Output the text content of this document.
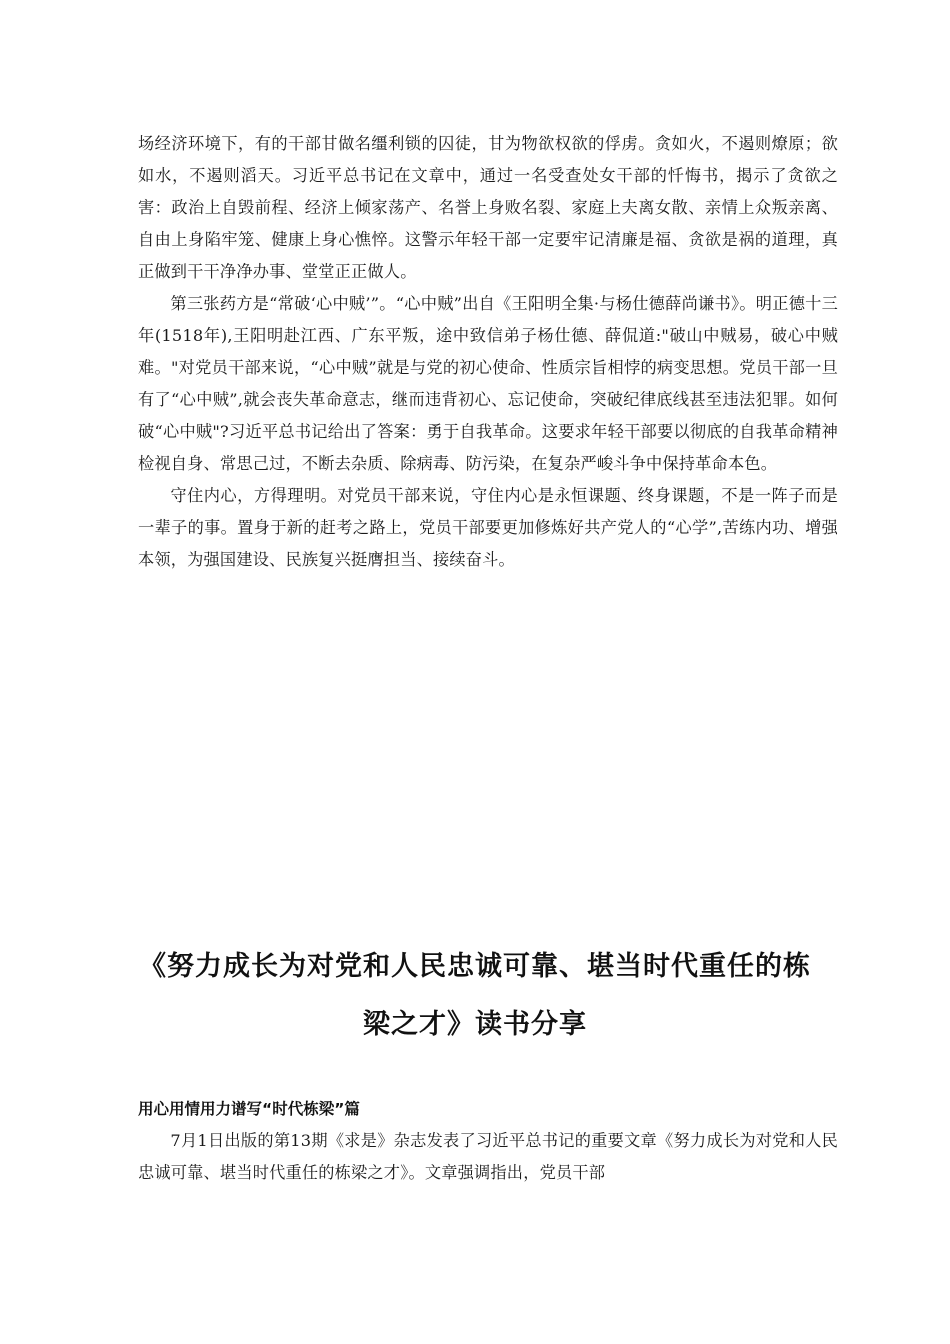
场经济环境下，有的干部甘做名缰利锁的囚徒，甘为物欲权欲的俘虏。贪如火，不遏则燎原；欲如水，不遏则滔天。习近平总书记在文章中，通过一名受查处女干部的忏悔书，揭示了贪欲之害：政治上自毁前程、经济上倾家荡产、名誉上身败名裂、家庭上夫离女散、亲情上众叛亲离、自由上身陷牢笼、健康上身心憔悴。这警示年轻干部一定要牢记清廉是福、贪欲是祸的道理，真正做到干干净净办事、堂堂正正做人。

第三张药方是“常破‘心中贼’”。“心中贼”出自《王阳明全集·与杨仕德薛尚谦书》。明正德十三年(1518年),王阳明赴江西、广东平叛，途中致信弟子杨仕德、薛侃道:"破山中贼易，破心中贼难。"对党员干部来说，“心中贼”就是与党的初心使命、性质宗旨相悖的病变思想。党员干部一旦有了“心中贼”,就会丧失革命意志，继而违背初心、忘记使命，突破纪律底线甚至违法犯罪。如何破“心中贼"?习近平总书记给出了答案：勇于自我革命。这要求年轻干部要以彻底的自我革命精神检视自身、常思己过，不断去杂质、除病毒、防污染，在复杂严峻斗争中保持革命本色。

守住内心，方得理明。对党员干部来说，守住内心是永恒课题、终身课题，不是一阵子而是一辈子的事。置身于新的赶考之路上，党员干部要更加修炼好共产党人的“心学”,苦练内功、增强本领，为强国建设、民族复兴挺膺担当、接续奋斗。

《努力成长为对党和人民忠诚可靠、堪当时代重任的栋

梁之才》读书分享

用心用情用力谱写“时代栋梁”篇

7月1日出版的第13期《求是》杂志发表了习近平总书记的重要文章《努力成长为对党和人民忠诚可靠、堪当时代重任的栋梁之才》。文章强调指出，党员干部
